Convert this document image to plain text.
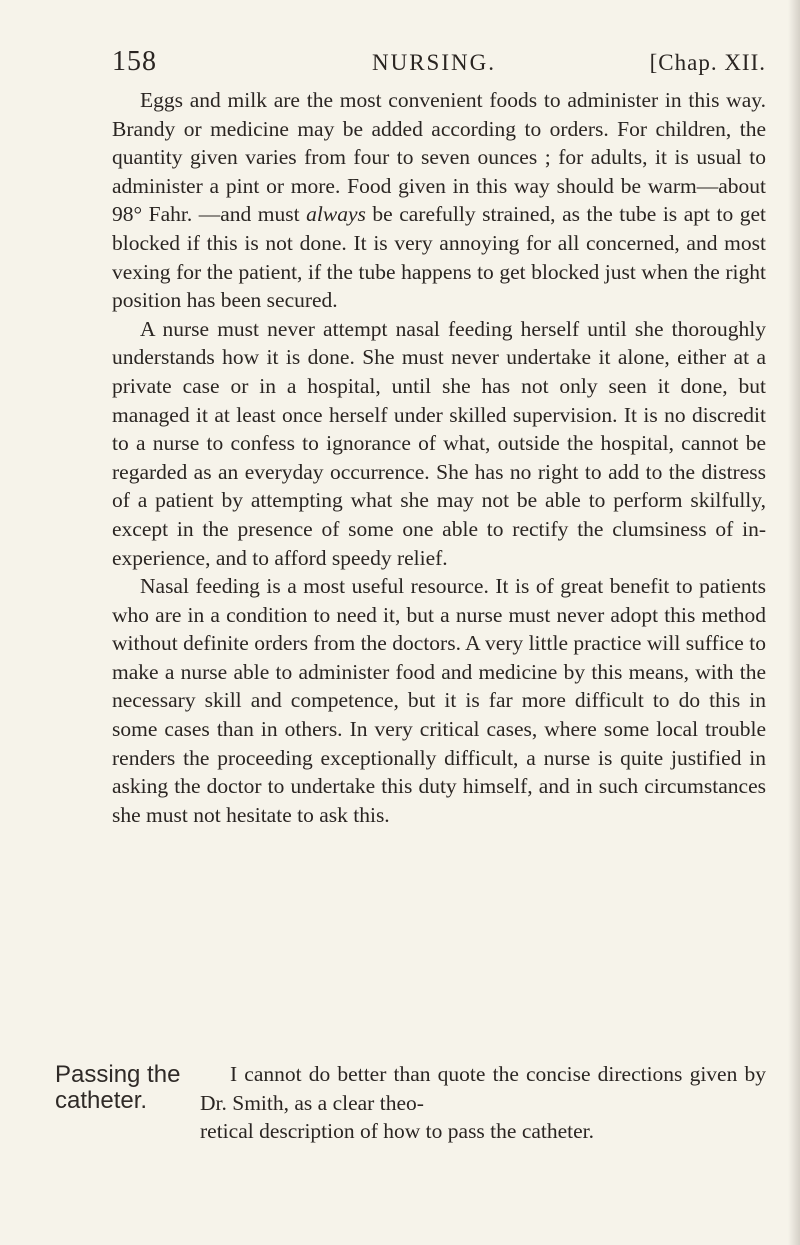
158	NURSING.	[Chap. XII.

Eggs and milk are the most convenient foods to administer in this way. Brandy or medicine may be added according to orders. For children, the quantity given varies from four to seven ounces ; for adults, it is usual to administer a pint or more. Food given in this way should be warm—about 98° Fahr. —and must always be carefully strained, as the tube is apt to get blocked if this is not done. It is very annoying for all concerned, and most vexing for the patient, if the tube happens to get blocked just when the right position has been secured.

A nurse must never attempt nasal feeding herself until she thoroughly understands how it is done. She must never undertake it alone, either at a private case or in a hospital, until she has not only seen it done, but managed it at least once herself under skilled supervision. It is no discredit to a nurse to confess to ignorance of what, outside the hospital, cannot be regarded as an everyday occurrence. She has no right to add to the distress of a patient by attempting what she may not be able to perform skilfully, except in the presence of some one able to rectify the clumsiness of in-experience, and to afford speedy relief.

Nasal feeding is a most useful resource. It is of great benefit to patients who are in a condition to need it, but a nurse must never adopt this method without definite orders from the doctors. A very little practice will suffice to make a nurse able to administer food and medicine by this means, with the necessary skill and competence, but it is far more difficult to do this in some cases than in others. In very critical cases, where some local trouble renders the proceeding exceptionally difficult, a nurse is quite justified in asking the doctor to undertake this duty himself, and in such circumstances she must not hesitate to ask this.

Passing the
catheter.

I cannot do better than quote the concise directions given by Dr. Smith, as a clear theo-
retical description of how to pass the catheter.
